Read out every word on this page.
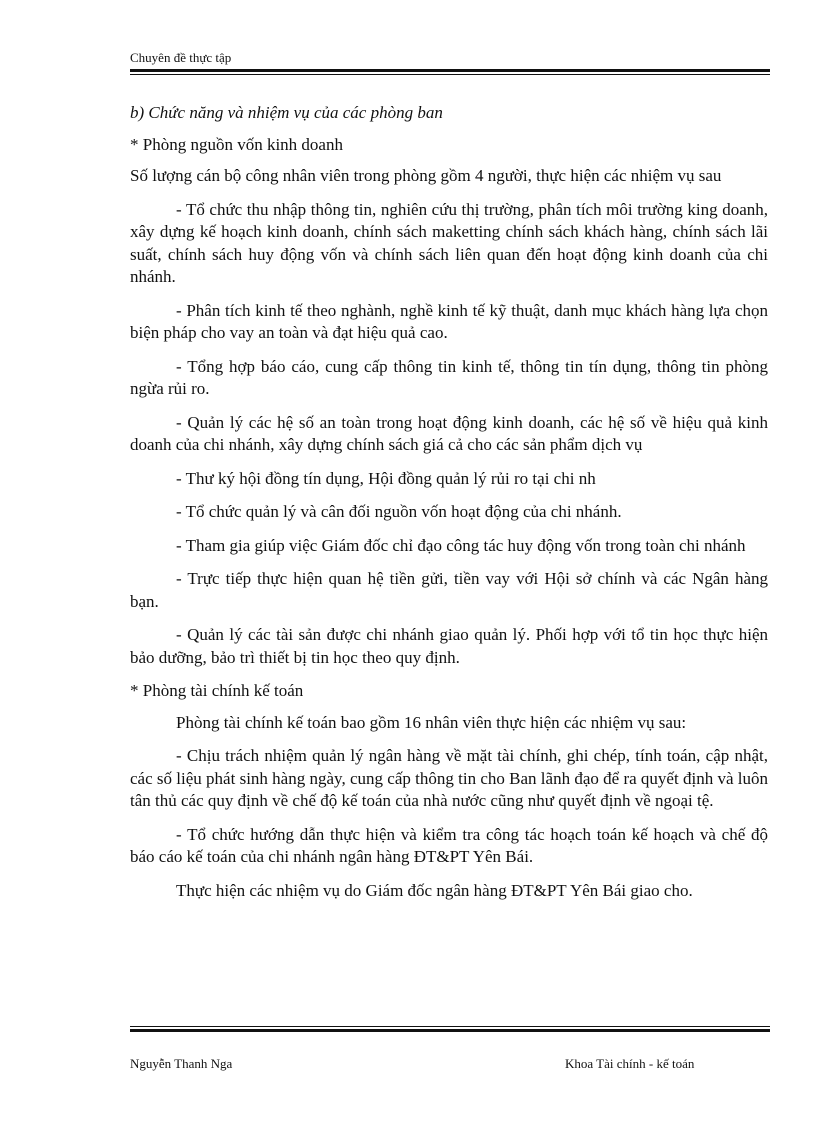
Chuyên đề thực tập

b) Chức năng và nhiệm vụ của các phòng ban

* Phòng nguồn vốn kinh doanh

Số lượng cán bộ công nhân viên trong phòng gồm 4 người, thực hiện các nhiệm vụ sau

- Tổ chức thu nhập thông tin, nghiên cứu thị trường, phân tích môi trường king doanh, xây dựng kế hoạch kinh doanh, chính sách maketting chính sách khách hàng, chính sách lãi suất, chính sách huy động vốn và chính sách liên quan đến hoạt động kinh doanh của chi nhánh.

- Phân tích kinh tế theo nghành, nghề kinh tế kỹ thuật, danh mục khách hàng lựa chọn biện pháp cho vay an toàn và đạt hiệu quả cao.

- Tổng hợp báo cáo, cung cấp thông tin kinh tế, thông tin tín dụng, thông tin phòng ngừa rủi ro.

- Quản lý các hệ số an toàn trong hoạt động kinh doanh, các hệ số về hiệu quả kinh doanh của chi nhánh, xây dựng chính sách giá cả cho các sản phẩm dịch vụ

- Thư ký hội đồng tín dụng, Hội đồng quản lý rủi ro tại chi nh

- Tổ chức quản lý và cân đối nguồn vốn hoạt động của chi nhánh.

- Tham gia giúp việc Giám đốc chỉ đạo công tác huy động vốn trong toàn chi nhánh

- Trực tiếp thực hiện quan hệ tiền gửi, tiền vay với Hội sở chính và các Ngân hàng bạn.

- Quản lý các tài sản được chi nhánh giao quản lý. Phối hợp với tổ tin học thực hiện bảo dưỡng, bảo trì thiết bị tin học theo quy định.

* Phòng tài chính kế toán

Phòng tài chính kế toán bao gồm 16 nhân viên thực hiện các nhiệm vụ sau:

- Chịu trách nhiệm quản lý ngân hàng về mặt tài chính, ghi chép, tính toán, cập nhật, các số liệu phát sinh hàng ngày, cung cấp thông tin cho Ban lãnh đạo để ra quyết định và luôn tân thủ các quy định về chế độ kế toán của nhà nước cũng như quyết định về ngoại tệ.

- Tổ chức hướng dẫn thực hiện và kiểm tra công tác hoạch toán kế hoạch và chế độ báo cáo kế toán của chi nhánh ngân hàng ĐT&PT Yên Bái.

Thực hiện các nhiệm vụ do Giám đốc ngân hàng ĐT&PT Yên Bái giao cho.

Nguyễn Thanh Nga	Khoa Tài chính - kế toán
